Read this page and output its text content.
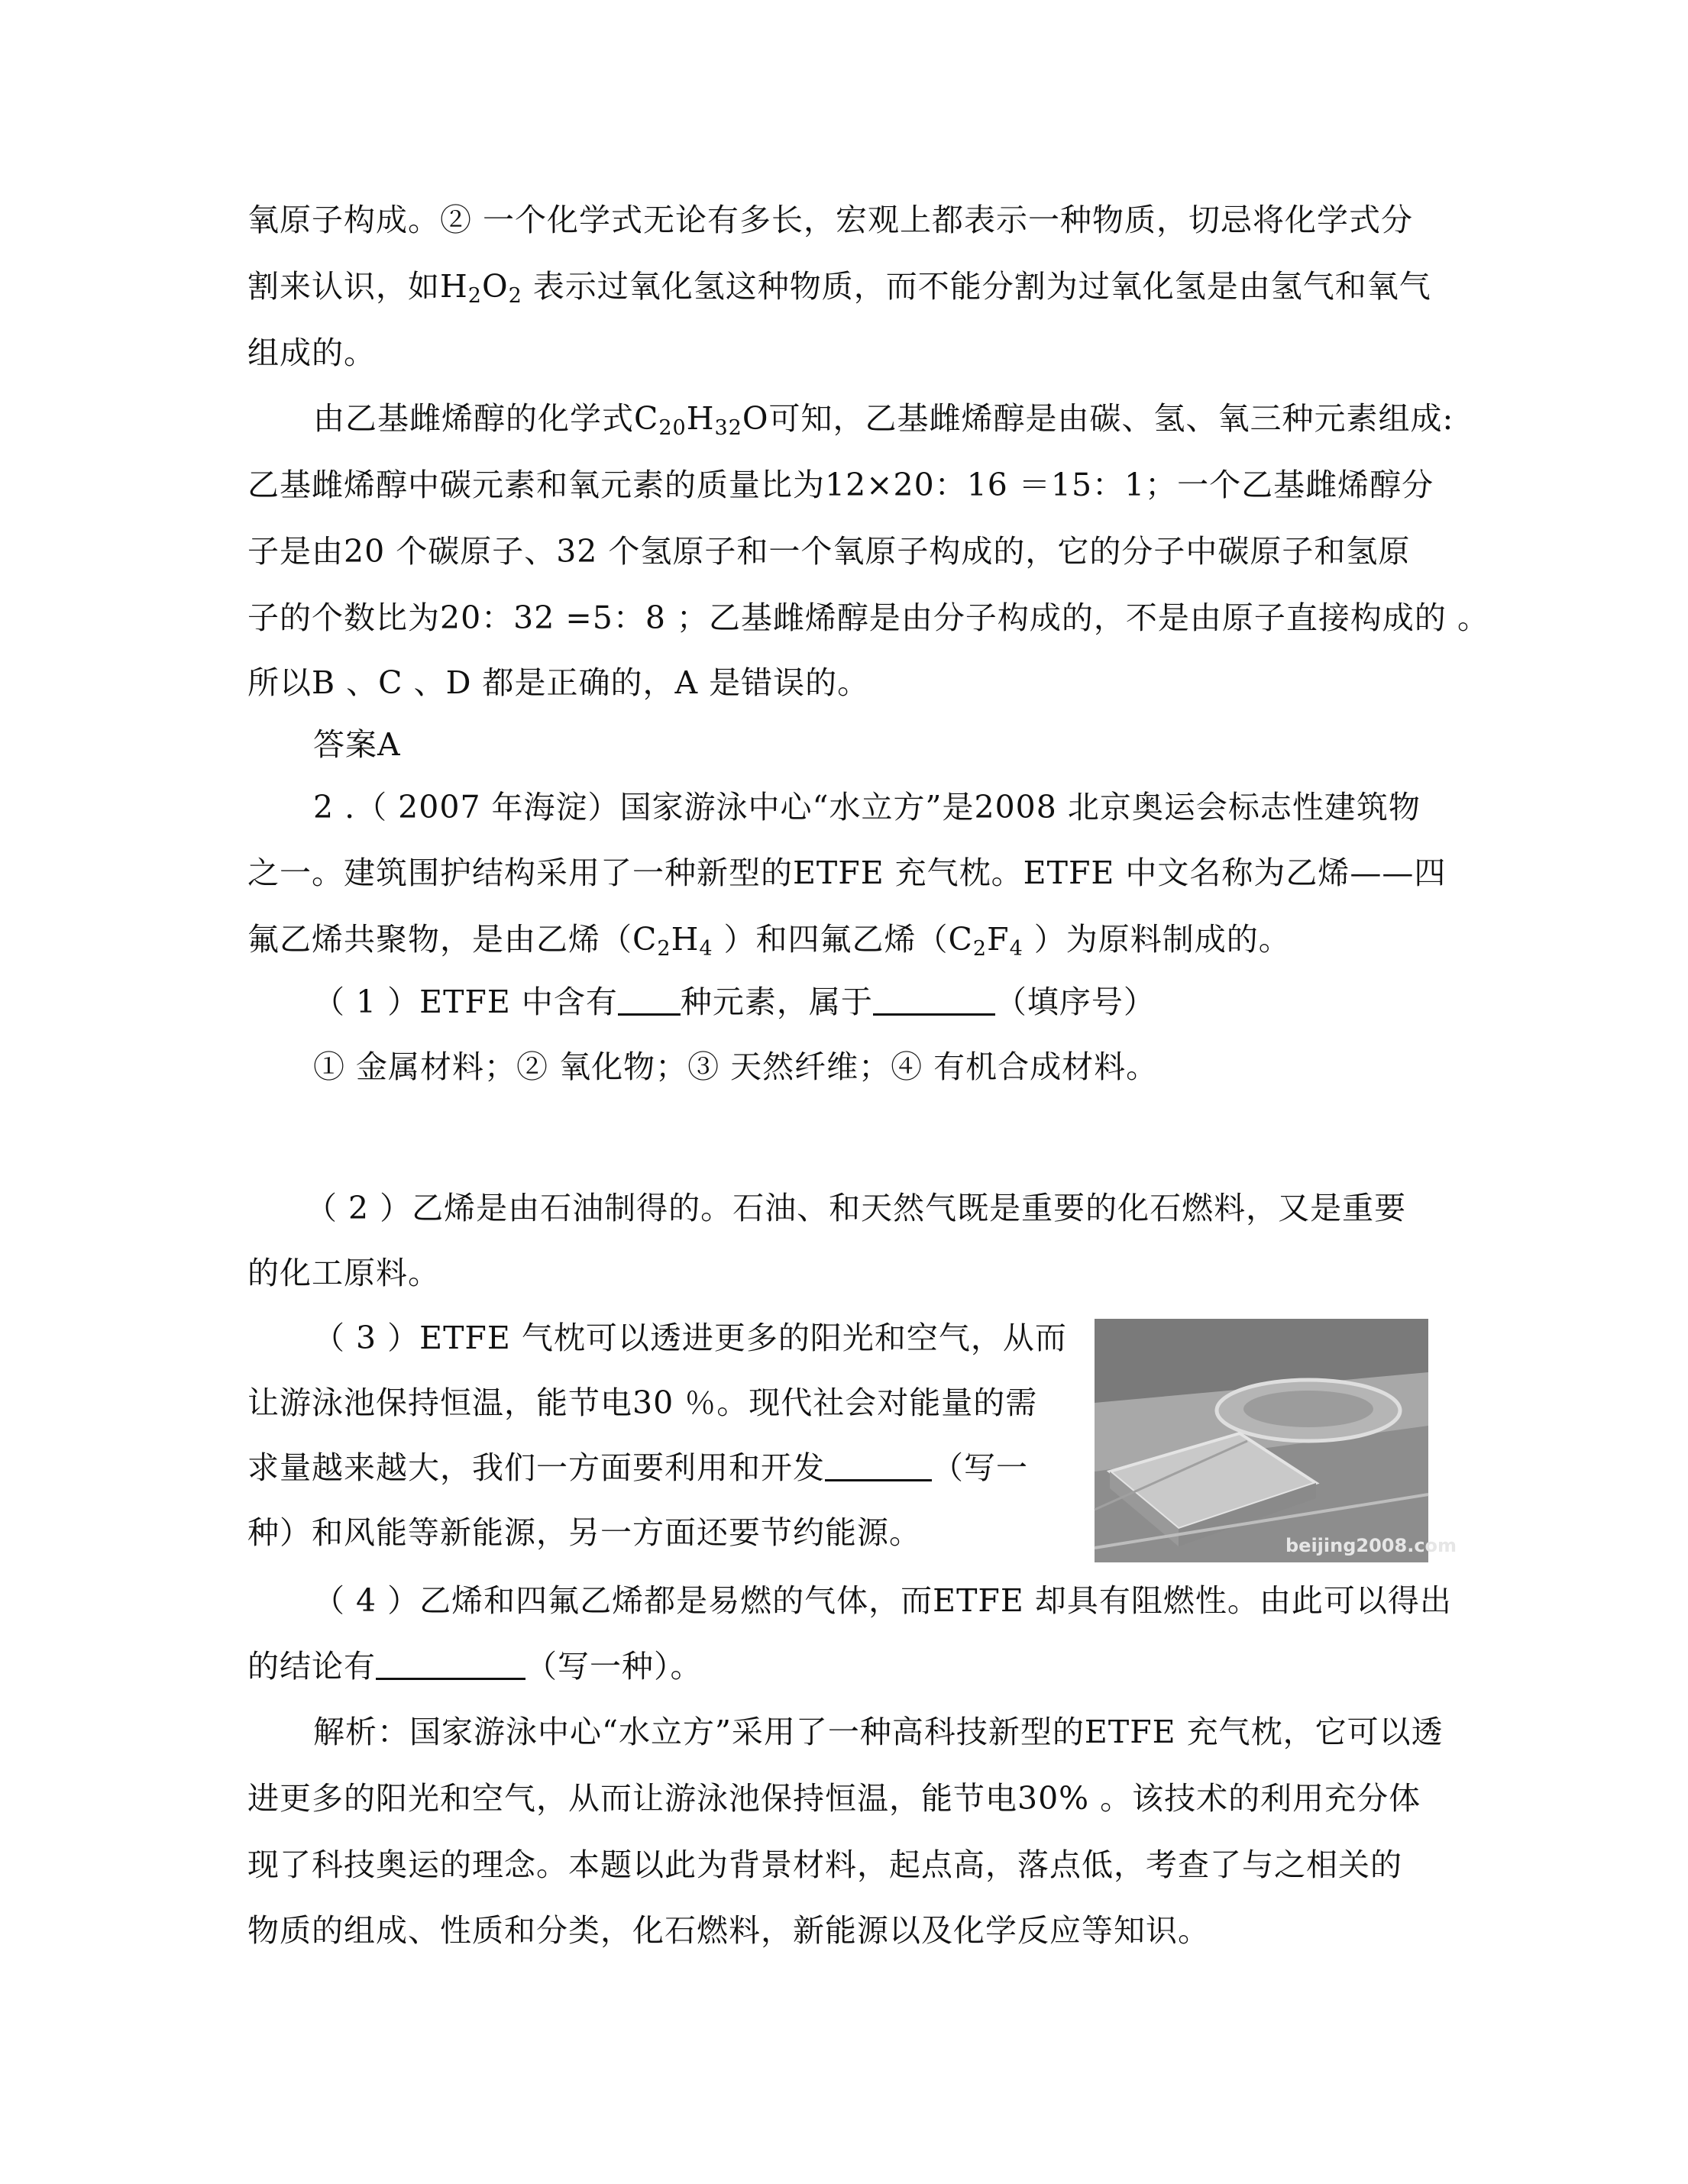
氧原子构成。② 一个化学式无论有多长，宏观上都表示一种物质，切忌将化学式分
割来认识，如$H_2O_2$ 表示过氧化氢这种物质，而不能分割为过氧化氢是由氢气和氧气
组成的。
由乙基雌烯醇的化学式$C_{20}H_{32}O$可知，乙基雌烯醇是由碳、氢、氧三种元素组成:
乙基雌烯醇中碳元素和氧元素的质量比为12×20：16 ＝15：1；一个乙基雌烯醇分
子是由20 个碳原子、32 个氢原子和一个氧原子构成的，它的分子中碳原子和氢原
子的个数比为20：32 =5：8 ；乙基雌烯醇是由分子构成的，不是由原子直接构成的 。
所以B 、C 、D 都是正确的，A 是错误的。
答案A
2 .（ 2007 年海淀）国家游泳中心“水立方”是2008 北京奥运会标志性建筑物
之一。建筑围护结构采用了一种新型的ETFE 充气枕。ETFE 中文名称为乙烯——四
氟乙烯共聚物，是由乙烯（$C_2H_4$ ）和四氟乙烯（$C_2F_4$ ）为原料制成的。
（ 1 ）ETFE 中含有 种元素，属于	（填序号）
① 金属材料；② 氧化物；③ 天然纤维；④ 有机合成材料。
（ 2 ）乙烯是由石油制得的。石油、和天然气既是重要的化石燃料，又是重要
的化工原料。
（ 3 ）ETFE 气枕可以透进更多的阳光和空气，从而
让游泳池保持恒温，能节电30 ％。现代社会对能量的需
求量越来越大，我们一方面要利用和开发	（写一
种）和风能等新能源，另一方面还要节约能源。	beijing2008.com
（ 4 ）乙烯和四氟乙烯都是易燃的气体，而ETFE 却具有阻燃性。由此可以得出
的结论有	（写一种）。
解析：国家游泳中心“水立方”采用了一种高科技新型的ETFE 充气枕，它可以透
进更多的阳光和空气，从而让游泳池保持恒温，能节电30% 。该技术的利用充分体
现了科技奥运的理念。本题以此为背景材料，起点高，落点低，考查了与之相关的
物质的组成、性质和分类，化石燃料，新能源以及化学反应等知识。
